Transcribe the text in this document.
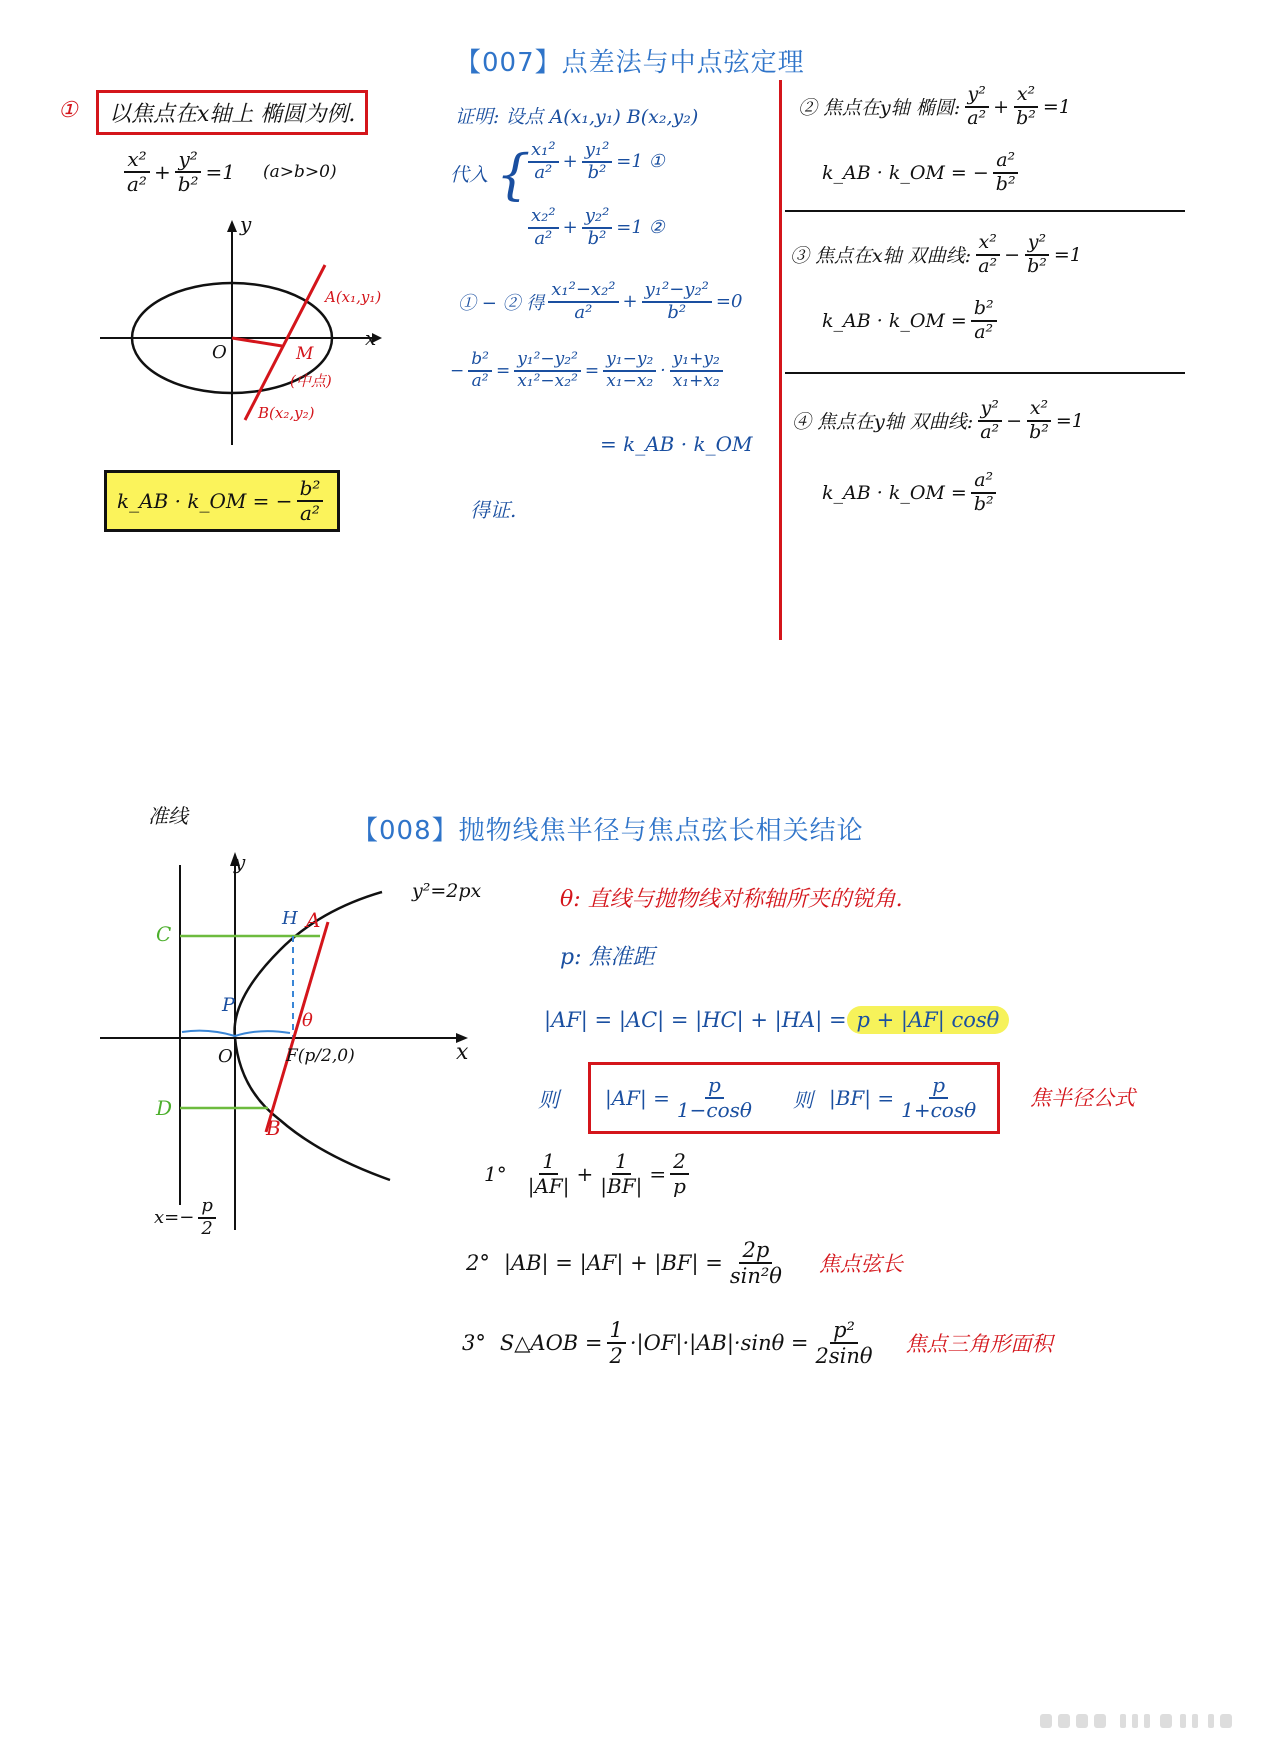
【007】点差法与中点弦定理
①	以焦点在x轴上 椭圆为例.
$\frac{\text{x²}}{\text{a²}} + \frac{\text{y²}}{\text{b²}} =1$ (a>b>0)
y
x
O
A(x₁,y₁)
B(x₂,y₂)
M
(中点)
k_AB · k_OM = − $\frac{\text{b²}}{\text{a²}}$
证明: 设点 A(x₁,y₁) B(x₂,y₂)
代入 {
$\frac{\text{x₁²}}{\text{a²}} + \frac{\text{y₁²}}{\text{b²}} =1$ ①
$\frac{\text{x₂²}}{\text{a²}} + \frac{\text{y₂²}}{\text{b²}} =1$ ②
① − ② 得 $\frac{\text{x₁²−x₂²}}{\text{a²}} + \frac{\text{y₁²−y₂²}}{\text{b²}} =0$
− $\frac{\text{b²}}{\text{a²}} = \frac{\text{y₁²−y₂²}}{\text{x₁²−x₂²}} = \frac{\text{y₁−y₂}}{\text{x₁−x₂}} \cdot \frac{\text{y₁+y₂}}{\text{x₁+x₂}}$
= k_AB · k_OM
得证.
② 焦点在y轴 椭圆: $\frac{\text{y²}}{\text{a²}} + \frac{\text{x²}}{\text{b²}} =1$
k_AB · k_OM = − $\frac{\text{a²}}{\text{b²}}$
③ 焦点在x轴 双曲线: $\frac{\text{x²}}{\text{a²}} - \frac{\text{y²}}{\text{b²}} =1$
k_AB · k_OM = $\frac{\text{b²}}{\text{a²}}$
④ 焦点在y轴 双曲线: $\frac{\text{y²}}{\text{a²}} - \frac{\text{x²}}{\text{b²}} =1$
k_AB · k_OM = $\frac{\text{a²}}{\text{b²}}$
【008】抛物线焦半径与焦点弦长相关结论
准线
y
x
y²=2px
C
D
H A
B
P
O	F(p/2,0)
θ
$x=- \frac{p}{2}$
θ: 直线与抛物线对称轴所夹的锐角.
p: 焦准距
|AF| = |AC| = |HC| + |HA| = p + |AF| cosθ
则 $|AF| = \frac{p}{1-\cos\theta}$ 则 $|BF| = \frac{p}{1+\cos\theta}$ 焦半径公式
$1^\circ \frac{1}{|AF|} + \frac{1}{|BF|} = \frac{2}{p}$
2° $|AB| = |AF| + |BF| = \frac{2p}{\text{sin²θ}}$ 焦点弦长
3° S△AOB = $\frac{1}{2} \cdot|OF|\cdot|AB|\cdot\sin\theta = \frac{\text{p²}}{2\sin\theta}$ 焦点三角形面积
